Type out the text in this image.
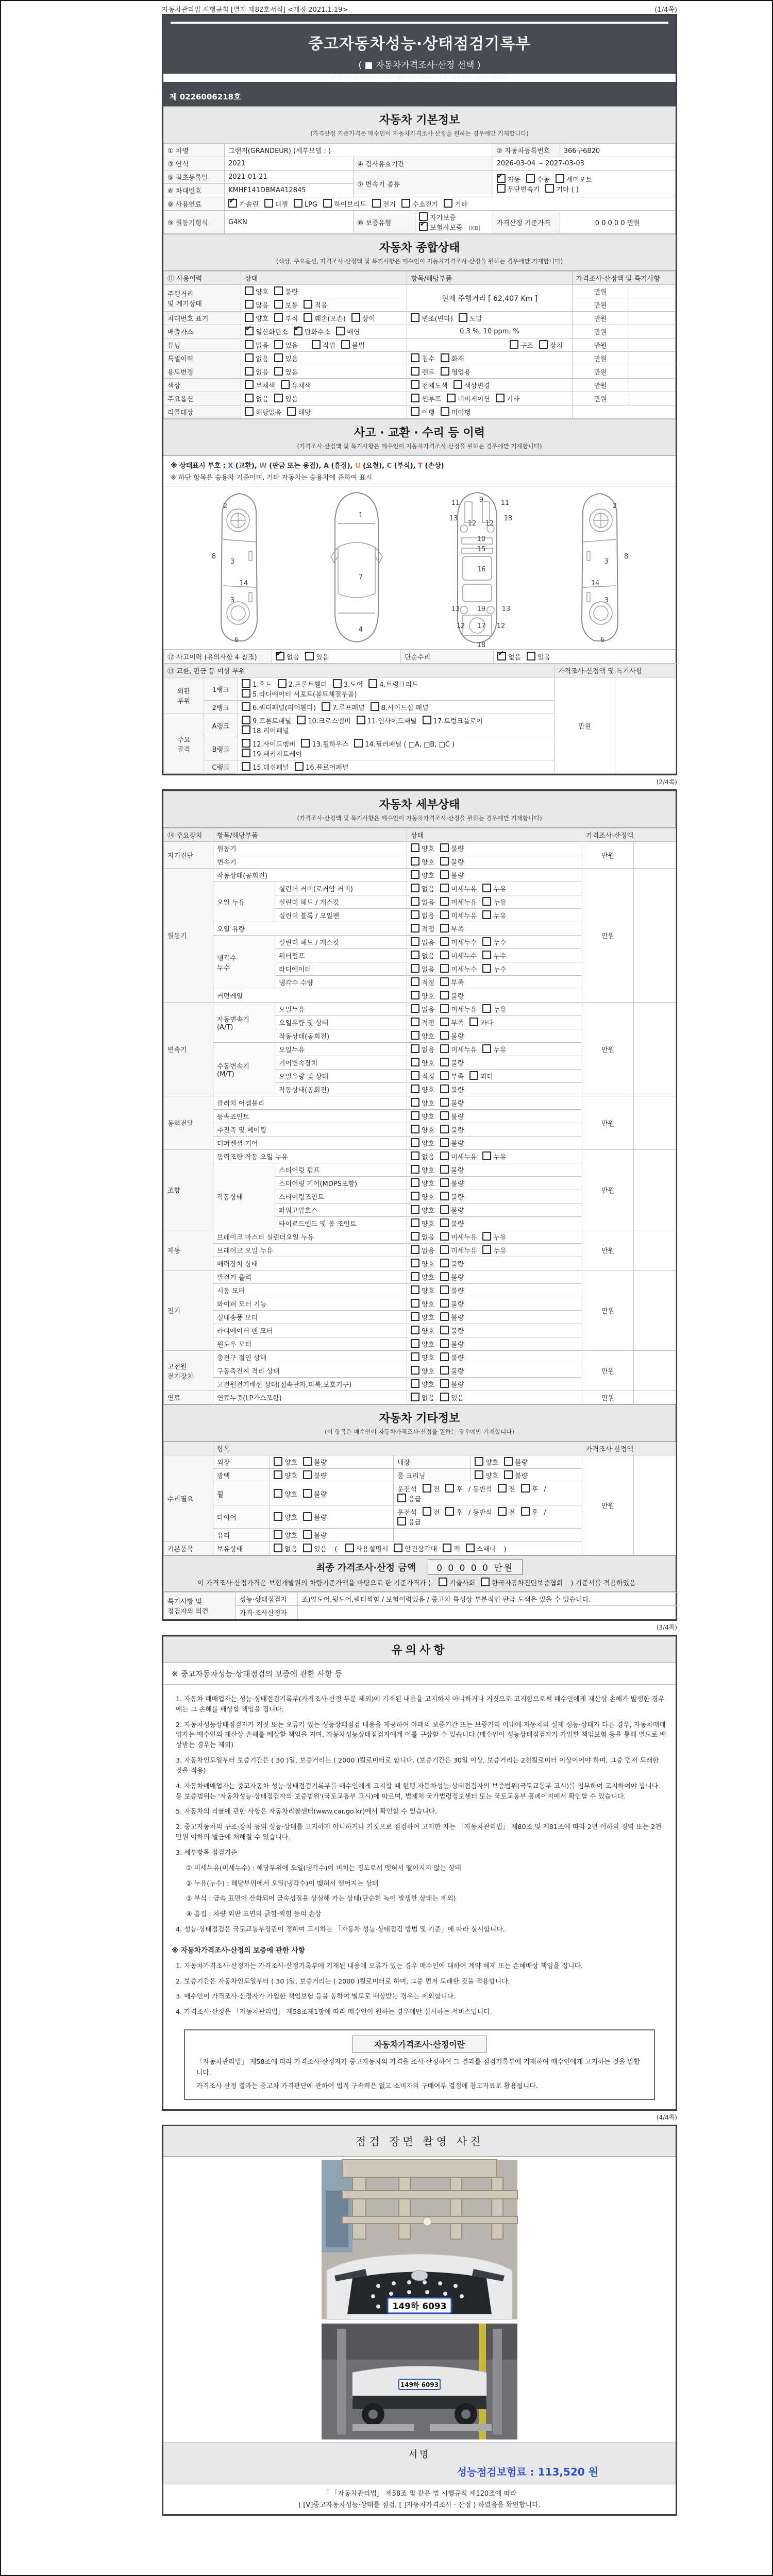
자동차관리법 시행규칙 [별지 제82호서식] <개정 2021.1.19>	(1/4쪽)
중고자동차성능·상태점검기록부
( ■ 자동차가격조사·산정 선택 )
※ 자동차가격조사·산정은 매수인이 원하는 경우 제공하는 서비스입니다.
제 0226006218호
자동차 기본정보
(가격산정 기준가격은 매수인이 자동차가격조사·산정을 원하는 경우에만 기재합니다)
① 차명	그랜저(GRANDEUR) (세부모델 : )			② 자동차등록번호	366구6820
③ 연식	2021	④ 검사유효기간		2026-03-04 ~ 2027-03-03	
⑤ 최초등록일	2021-01-21	⑦ 변속기 종류	✔자동 수동 세미오토
무단변속기 기타 ( )
⑥ 차대번호	KMHF141DBMA412845				
⑧ 사용연료	✔가솔린 디젤 LPG 하이브리드 전기 수소전기 기타
⑨ 원동기형식	G4KN	⑩ 보증유형	자가보증✔보험사보증 [KB]	가격산정 기준가격	0 0 0 0 0 만원
자동차 종합상태
(색상, 주요옵션, 가격조사·산정액 및 특기사항은 매수인이 자동차가격조사·산정을 원하는 경우에만 기재합니다)
⑪ 사용이력	상태	항목/해당부품	가격조사·산정액 및 특기사항	
주행거리
및 계기상태	양호 불량	현재 주행거리 [ 62,407 Km ]	만원	
	많음 보통 적음		만원	
차대번호 표기	양호 부식 훼손(오손) 상이	변조(변타) 도말	만원	
배출가스	✔일산화탄소 ✔ 탄화수소 매연	0.3 %, 10 ppm, %	만원	
튜닝	없음 있음 적법 불법	구조 장치	만원	
특별이력	없음 있음	침수 화재	만원	
용도변경	없음 있음	렌트 영업용	만원	
색상	무채색 유채색	전체도색 색상변경	만원	
주요옵션	없음 있음	썬루프 네비게이션 기타	만원	
리콜대상	해당없음 해당	이행 미이행		
사고 · 교환 · 수리 등 이력
(가격조사·산정액 및 특기사항은 매수인이 자동차가격조사·산정을 원하는 경우에만 기재합니다)
※ 상태표시 부호 : X (교환), W (판금 또는 용접), A (흠집), U (요철), C (부식), T (손상)
※ 하단 항목은 승용차 기준이며, 기타 자동차는 승용차에 준하여 표시
2
8
3
14
3
6
1
7
4
11	9	11
13
12 12
13
10
15
16
13	19 13
12 17 12
18
2
8
3
14
3
6
⑫ 사고이력 (유의사항 4 참조)	✔없음 있음	단순수리	✔없음 있음
⑬ 교환, 판금 등 이상 부위			가격조사·산정액 및 특기사항	
외판
부위	1랭크	1.후드 2.프론트휀더 3.도어 4.트렁크리드
5.라디에이터 서포트(볼트체결부품)	만원	
	2랭크	6.쿼더패널(리어휀다) 7.루프패널 8.사이드실 패널		
주요
골격	A랭크	9.프론트패널 10.크로스멤버 11.인사이드패널 17.트렁크플로어
18.리어패널		
	B랭크	12.사이드멤버 13.휠하우스 14.필러패널 ( □A, □B, □C )
19.패키지트레이		
	C랭크	15.대쉬패널 16.플로어패널		
(2/4쪽)
자동차 세부상태
(가격조사·산정액 및 특기사항은 매수인이 자동차가격조사·산정을 원하는 경우에만 기재합니다)
⑭ 주요장치	항목/해당부품		상태	가격조사·산정액	
자기진단	원동기		양호 불량	만원	
	변속기		양호 불량		
원동기	작동상태(공회전)		양호 불량	만원	
	오일 누유	실린더 커버(로커암 커버)	없음 미세누유 누유		
		실린더 헤드 / 개스킷	없음 미세누유 누유		
		실린더 블록 / 오일팬	없음 미세누유 누유		
	오일 유량		적정 부족		
	냉각수
누수	실린더 헤드 / 개스킷	없음 미세누수 누수		
		워터펌프	없음 미세누수 누수		
		라디에이터	없음 미세누수 누수		
		냉각수 수량	적정 부족		
	커먼레일		양호 불량		
변속기	자동변속기
(A/T)	오일누유	없음 미세누유 누유	만원	
		오일유량 및 상태	적정 부족 과다		
		작동상태(공회전)	양호 불량		
	수동변속기
(M/T)	오일누유	없음 미세누유 누유		
		기어변속장치	양호 불량		
		오일유량 및 상태	적정 부족 과다		
		작동상태(공회전)	양호 불량		
동력전달	클러치 어셈블리		양호 불량	만원	
	등속죠인트		양호 불량		
	추진축 및 베어링		양호 불량		
	디퍼렌셜 기어		양호 불량		
조향	동력조향 작동 오일 누유		없음 미세누유 누유	만원	
	작동상태	스티어링 펌프	양호 불량		
		스티어링 기어(MDPS포함)	양호 불량		
		스티어링조인트	양호 불량		
		파워고압호스	양호 불량		
		타이로드엔드 및 볼 조인트	양호 불량		
제동	브레이크 마스터 실린더오일 누유		없음 미세누유 누유	만원	
	브레이크 오일 누유		없음 미세누유 누유		
	배력장치 상태		양호 불량		
전기	발전기 출력		양호 불량	만원	
	시동 모터		양호 불량		
	와이퍼 모터 기능		양호 불량		
	실내송풍 모터		양호 불량		
	라디에이터 팬 모터		양호 불량		
	윈도우 모터		양호 불량		
고전원
전기장치	충전구 절연 상태		양호 불량	만원	
	구동축전지 격리 상태		양호 불량		
	고전원전기배선 상태(접속단자,피복,보호기구)		양호 불량		
연료	연료누출(LP가스포함)		없음 있음	만원	
자동차 기타정보
(이 항목은 매수인이 자동차가격조사·산정을 원하는 경우에만 기재합니다)
	항목				가격조사·산정액	
수리필요	외장	양호 불량	내장	양호 불량	만원	
	광택	양호 불량	룸 크리닝	양호 불량		
	휠	양호 불량	운전석 전 후 / 동반석 전 후 /응급			
	타이어	양호 불량	운전석 전 후 / 동반석 전 후 /응급			
	유리	양호 불량				
기본품목	보유상태	없음 있음 ( 사용설명서 안전삼각대 잭 스패너 )				
최종 가격조사·산정 금액 0 0 0 0 0 만원
이 가격조사·산정가격은 보험개발원의 차량기준가액을 바탕으로 한 기준가격과 ( 기술사회 한국자동차진단보증협회 ) 기준서를 적용하였음
특기사항 및
점검자의 의견	성능·상태점검자	조)앞도어,뒷도어,쿼터찍힘 / 보험이력있음 / 중고차 특성상 부분적인 판금 도색은 있을 수 있습니다.
	가격·조사산정자	
(3/4쪽)
유의사항
※ 중고자동차성능·상태점검의 보증에 관한 사항 등
1. 자동차 매매업자는 성능·상태점검기록부(가격조사·산정 부분 제외)에 기재된 내용을 고지하지 아니하거나 거짓으로 고지함으로써 매수인에게 재산상 손해가 발생한 경우에는 그 손해를 배상할 책임을 집니다.
2. 자동차성능상태점검자가 거짓 또는 오류가 있는 성능상태점검 내용을 제공하여 아래의 보증기간 또는 보증거리 이내에 자동차의 실제 성능·상태가 다른 경우, 자동차매매업자는 매수인의 재산상 손해를 배상할 책임을 지며, 자동차성능상태점검자에게 이를 구상할 수 있습니다.(매수인이 성능상태점검자가 가입한 책임보험 등을 통해 별도로 배상받는 경우는 제외)
3. 자동차인도일부터 보증기간은 ( 30 )일, 보증거리는 ( 2000 )킬로미터로 합니다. (보증기간은 30일 이상, 보증거리는 2천킬로미터 이상이어야 하며, 그중 먼저 도래한 것을 적용)
4. 자동차매매업자는 중고자동차 성능·상태점검기록부를 매수인에게 고지할 때 현행 자동차성능·상태점검자의 보증범위(국토교통부 고시)를 첨부하여 고지하여야 합니다. 동 보증범위는 '자동차성능·상태점검자의 보증범위'(국토교통부 고시)에 따르며, 법제처 국가법령정보센터 또는 국토교통부 홈페이지에서 확인할 수 있습니다.
5. 자동차의 리콜에 관한 사항은 자동차리콜센터(www.car.go.kr)에서 확인할 수 있습니다.
2. 중고자동차의 구조·장치 등의 성능·상태를 고지하지 아니하거나 거짓으로 점검하여 고지한 자는 「자동차관리법」 제80조 및 제81조에 따라 2년 이하의 징역 또는 2천만원 이하의 벌금에 처해질 수 있습니다.
3. 세부항목 점검기준
① 미세누유(미세누수) : 해당부위에 오일(냉각수)이 비치는 정도로서 맺혀서 떨어지지 않는 상태
② 누유(누수) : 해당부위에서 오일(냉각수)이 맺혀서 떨어지는 상태
③ 부식 : 금속 표면이 산화되어 금속성질을 상실해 가는 상태(단순히 녹이 발생한 상태는 제외)
④ 흠집 : 차량 외판 표면의 긁힘·찍힘 등의 손상
4. 성능·상태점검은 국토교통부장관이 정하여 고시하는 「자동차 성능·상태점검 방법 및 기준」에 따라 실시합니다.
※ 자동차가격조사·산정의 보증에 관한 사항
1. 자동차가격조사·산정자는 가격조사·산정기록부에 기재된 내용에 오류가 있는 경우 매수인에 대하여 계약 해제 또는 손해배상 책임을 집니다.
2. 보증기간은 자동차인도일부터 ( 30 )일, 보증거리는 ( 2000 )킬로미터로 하며, 그중 먼저 도래한 것을 적용합니다.
3. 매수인이 가격조사·산정자가 가입한 책임보험 등을 통하여 별도로 배상받는 경우는 제외합니다.
4. 가격조사·산정은 「자동차관리법」 제58조제1항에 따라 매수인이 원하는 경우에만 실시하는 서비스입니다.
자동차가격조사·산정이란
「자동차관리법」 제58조에 따라 가격조사·산정자가 중고자동차의 가격을 조사·산정하여 그 결과를 점검기록부에 기재하여 매수인에게 고지하는 것을 말합니다.
가격조사·산정 결과는 중고차 가격판단에 관하여 법적 구속력은 없고 소비자의 구매여부 결정에 참고자료로 활용됩니다.
(4/4쪽)
점검 장면 촬영 사진
149하 6093

149하 6093
서명
성능점검보험료 : 113,520 원
「 「자동차관리법」 제58조 및 같은 법 시행규칙 제120조에 따라
( [Ⅴ]중고자동차성능·상태를 점검, [ ]자동차가격조사 · 산정 ) 하였음을 확인합니다.
